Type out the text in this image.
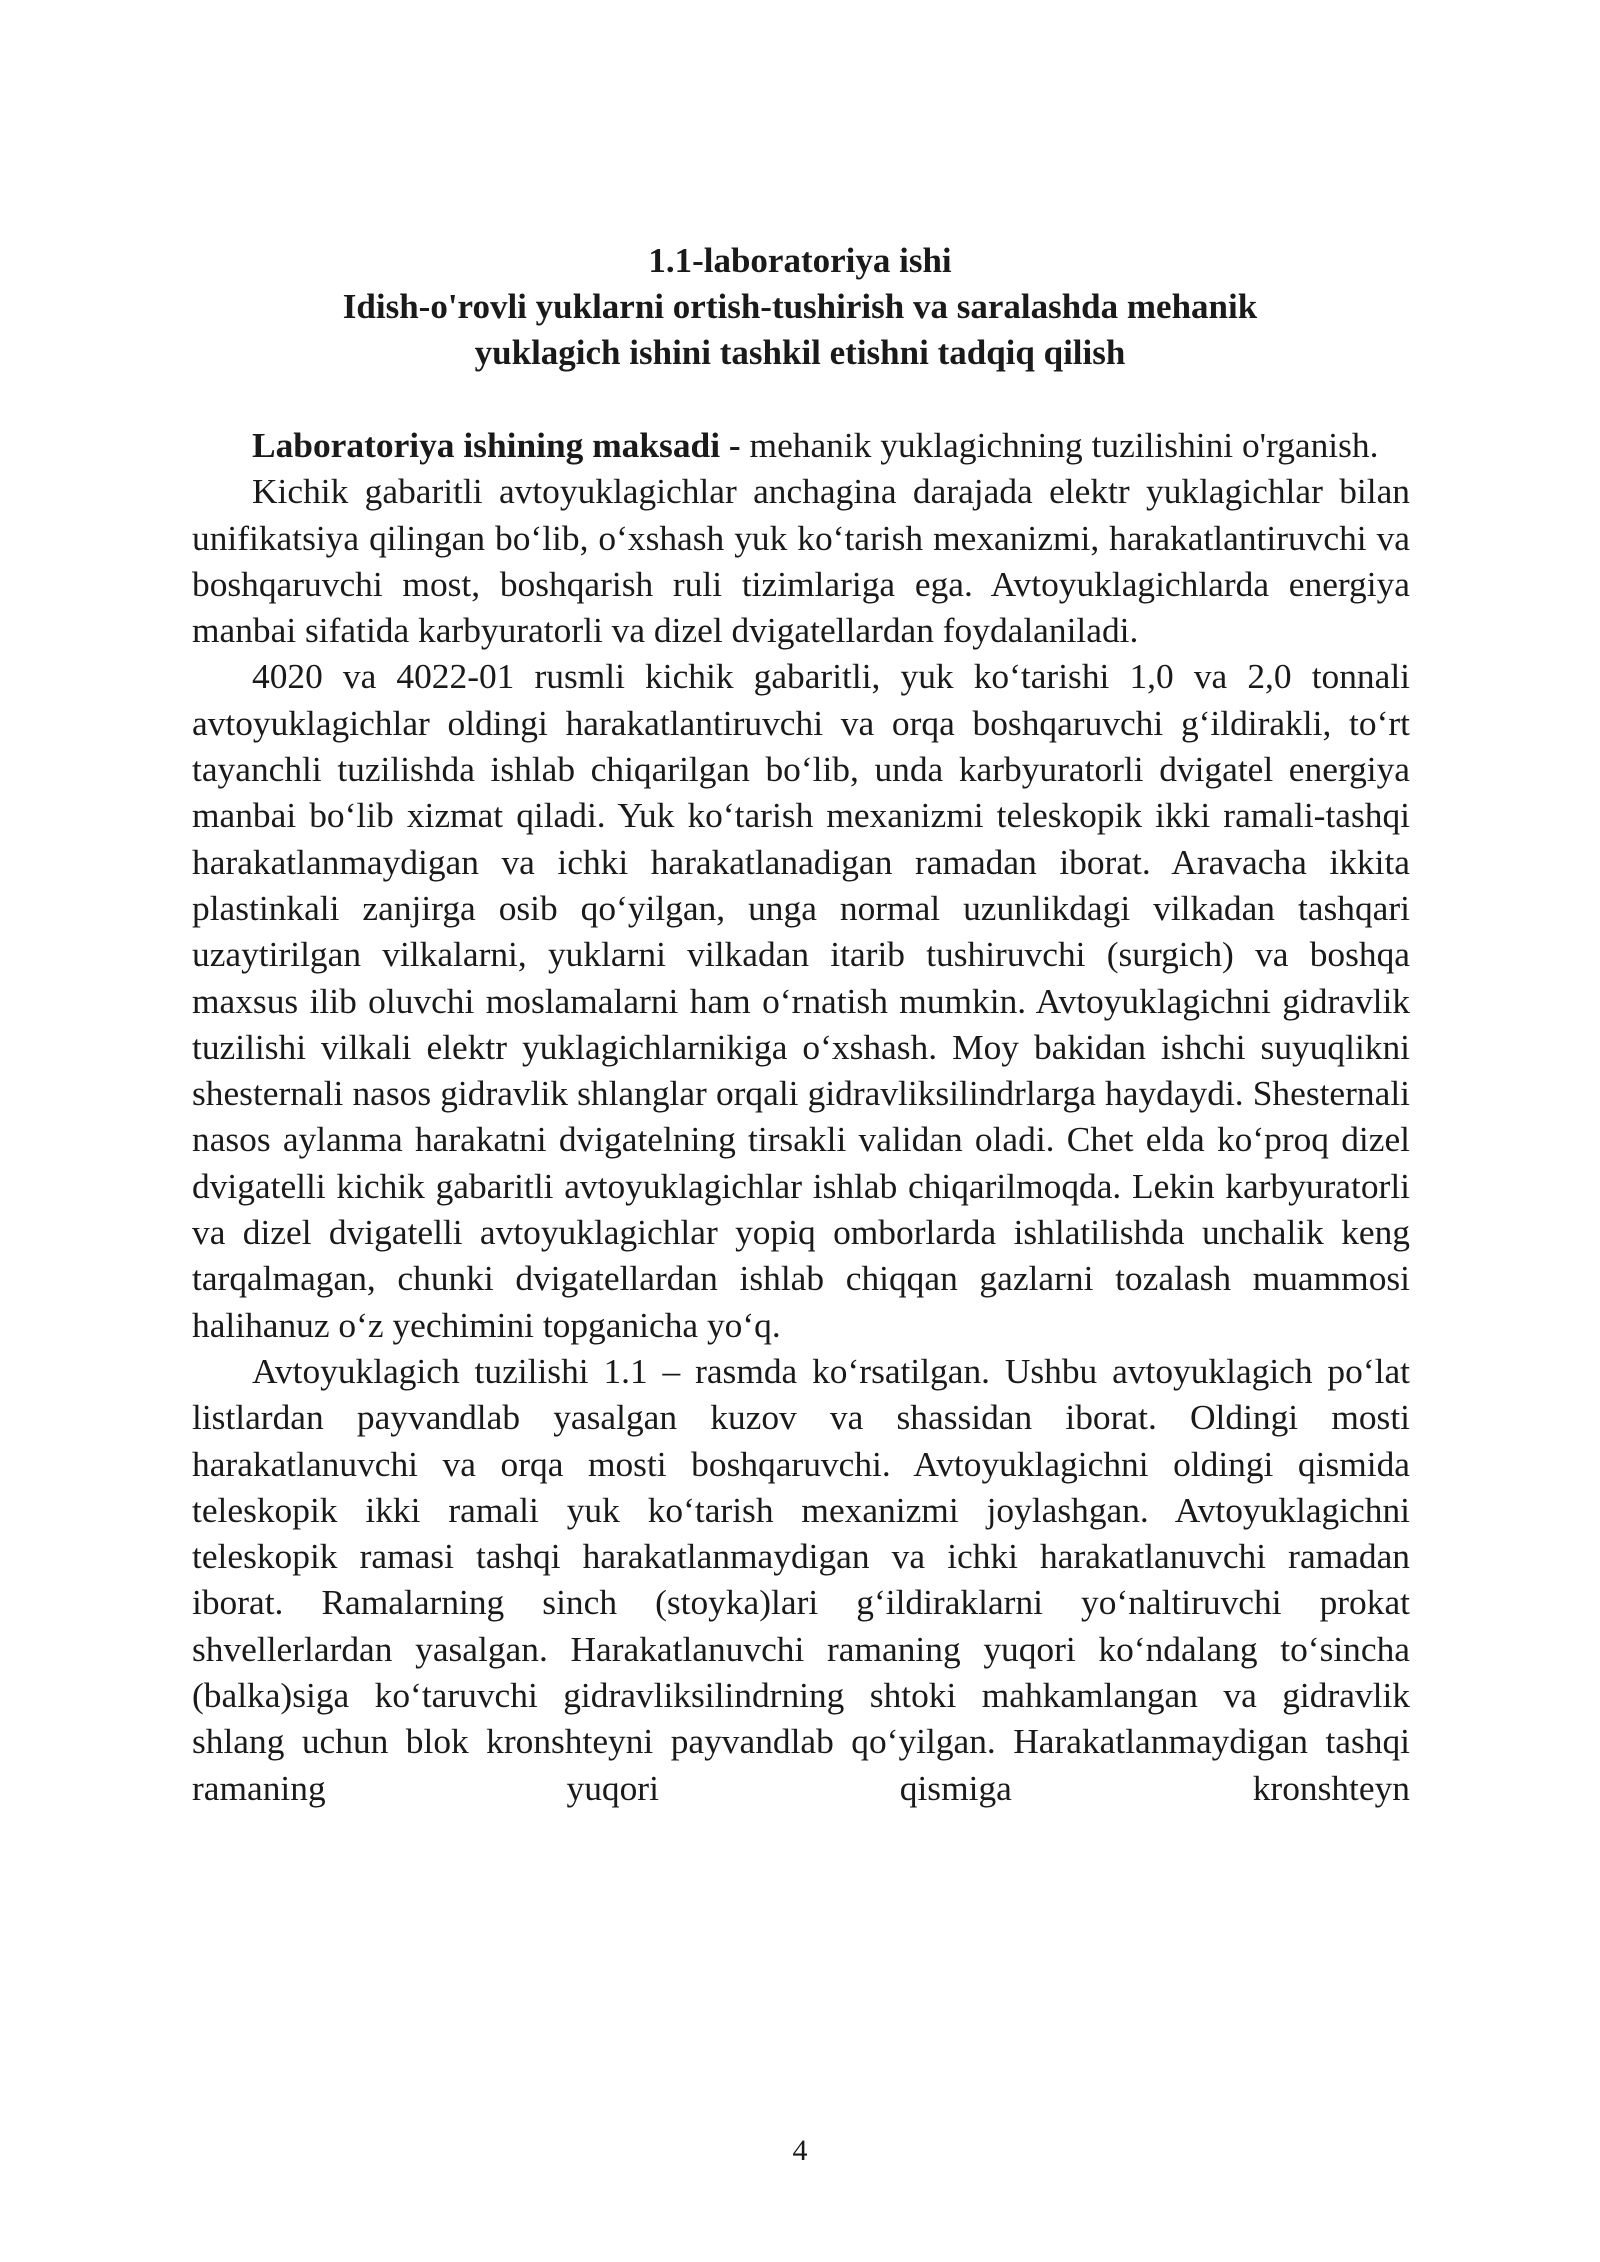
1.1-laboratoriya ishi
Idish-o'rovli yuklarni ortish-tushirish va saralashda mehanik
yuklagich ishini tashkil etishni tadqiq qilish

Laboratoriya ishining maksadi - mehanik yuklagichning tuzilishini o'rganish.

Kichik gabaritli avtoyuklagichlar anchagina darajada elektr yuklagichlar bilan unifikatsiya qilingan bo‘lib, o‘xshash yuk ko‘tarish mexanizmi, harakatlantiruvchi va boshqaruvchi most, boshqarish ruli tizimlariga ega. Avtoyuklagichlarda energiya manbai sifatida karbyuratorli va dizel dvigatellardan foydalaniladi.

4020 va 4022-01 rusmli kichik gabaritli, yuk ko‘tarishi 1,0 va 2,0 tonnali avtoyuklagichlar oldingi harakatlantiruvchi va orqa boshqaruvchi g‘ildirakli, to‘rt tayanchli tuzilishda ishlab chiqarilgan bo‘lib, unda karbyuratorli dvigatel energiya manbai bo‘lib xizmat qiladi. Yuk ko‘tarish mexanizmi teleskopik ikki ramali-tashqi harakatlanmaydigan va ichki harakatlanadigan ramadan iborat. Aravacha ikkita plastinkali zanjirga osib qo‘yilgan, unga normal uzunlikdagi vilkadan tashqari uzaytirilgan vilkalarni, yuklarni vilkadan itarib tushiruvchi (surgich) va boshqa maxsus ilib oluvchi moslamalarni ham o‘rnatish mumkin. Avtoyuklagichni gidravlik tuzilishi vilkali elektr yuklagichlarnikiga o‘xshash. Moy bakidan ishchi suyuqlikni shesternali nasos gidravlik shlanglar orqali gidravliksilindrlarga haydaydi. Shesternali nasos aylanma harakatni dvigatelning tirsakli validan oladi. Chet elda ko‘proq dizel dvigatelli kichik gabaritli avtoyuklagichlar ishlab chiqarilmoqda. Lekin karbyuratorli va dizel dvigatelli avtoyuklagichlar yopiq omborlarda ishlatilishda unchalik keng tarqalmagan, chunki dvigatellardan ishlab chiqqan gazlarni tozalash muammosi halihanuz o‘z yechimini topganicha yo‘q.

Avtoyuklagich tuzilishi 1.1 – rasmda ko‘rsatilgan. Ushbu avtoyuklagich po‘lat listlardan payvandlab yasalgan kuzov va shassidan iborat. Oldingi mosti harakatlanuvchi va orqa mosti boshqaruvchi. Avtoyuklagichni oldingi qismida teleskopik ikki ramali yuk ko‘tarish mexanizmi joylashgan. Avtoyuklagichni teleskopik ramasi tashqi harakatlanmaydigan va ichki harakatlanuvchi ramadan iborat. Ramalarning sinch (stoyka)lari g‘ildiraklarni yo‘naltiruvchi prokat shvellerlardan yasalgan. Harakatlanuvchi ramaning yuqori ko‘ndalang to‘sincha (balka)siga ko‘taruvchi gidravliksilindrning shtoki mahkamlangan va gidravlik shlang uchun blok kronshteyni payvandlab qo‘yilgan. Harakatlanmaydigan tashqi ramaning yuqori qismiga kronshteyn

4
